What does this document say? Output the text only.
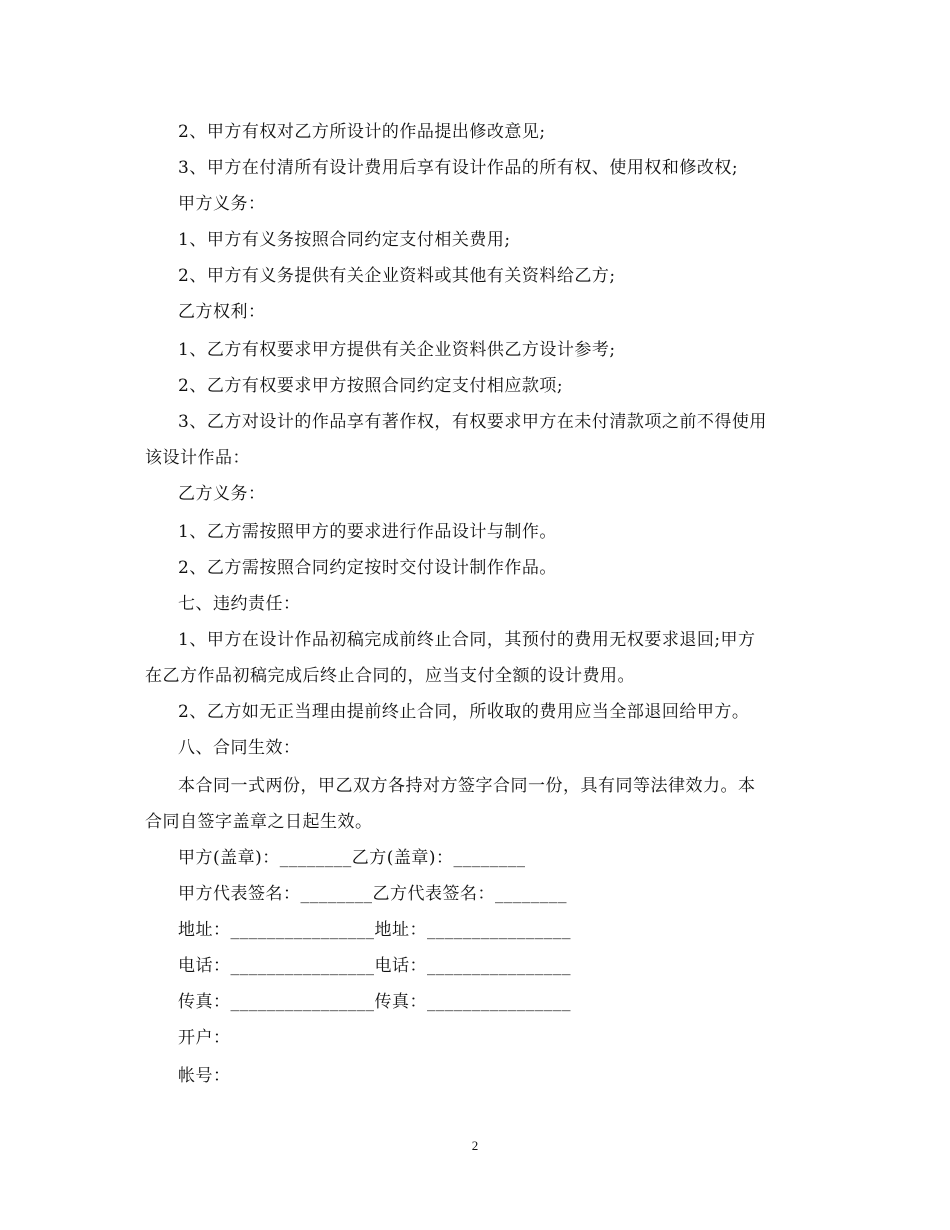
2、甲方有权对乙方所设计的作品提出修改意见;
3、甲方在付清所有设计费用后享有设计作品的所有权、使用权和修改权;
甲方义务：
1、甲方有义务按照合同约定支付相关费用;
2、甲方有义务提供有关企业资料或其他有关资料给乙方;
乙方权利：
1、乙方有权要求甲方提供有关企业资料供乙方设计参考;
2、乙方有权要求甲方按照合同约定支付相应款项;
3、乙方对设计的作品享有著作权，有权要求甲方在未付清款项之前不得使用
该设计作品：
乙方义务：
1、乙方需按照甲方的要求进行作品设计与制作。
2、乙方需按照合同约定按时交付设计制作作品。
七、违约责任：
1、甲方在设计作品初稿完成前终止合同，其预付的费用无权要求退回;甲方
在乙方作品初稿完成后终止合同的，应当支付全额的设计费用。
2、乙方如无正当理由提前终止合同，所收取的费用应当全部退回给甲方。
八、合同生效：
本合同一式两份，甲乙双方各持对方签字合同一份，具有同等法律效力。本
合同自签字盖章之日起生效。
甲方(盖章)：________乙方(盖章)：________
甲方代表签名：________乙方代表签名：________
地址：________________地址：________________
电话：________________电话：________________
传真：________________传真：________________
开户：
帐号：
2
